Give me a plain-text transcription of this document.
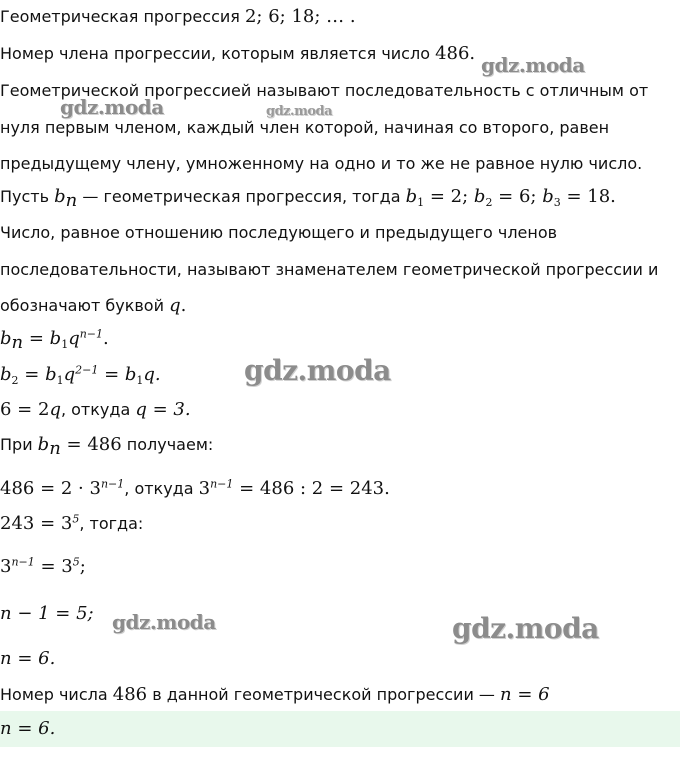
Геометрическая прогрессия 2; 6; 18; … .
Номер члена прогрессии, которым является число 486.
Геометрической прогрессией называют последовательность с отличным от
нуля первым членом, каждый член которой, начиная со второго, равен
предыдущему члену, умноженному на одно и то же не равное нулю число.
Пусть $b_n$ — геометрическая прогрессия, тогда $b_1 = 2$; $b_2 = 6$; $b_3 = 18$.
Число, равное отношению последующего и предыдущего членов
последовательности, называют знаменателем геометрической прогрессии и
обозначают буквой q.
$b_n = b_1q^{n-1}$.
$b_2 = b_1q^{2-1} = b_1q$.
6 = 2q, откуда q = 3.
При $b_n = 486$ получаем:
$486 = 2 \cdot 3^{n-1}$, откуда $3^{n-1} = 486$ : 2 = 243.
$243 = 3^5$, тогда:
$3^{n-1} = 3^5$;
n − 1 = 5;
n = 6.
Номер числа 486 в данной геометрической прогрессии — n = 6
n = 6.
gdz.moda
gdz.moda	gdz.moda
gdz.moda
gdz.moda	gdz.moda
